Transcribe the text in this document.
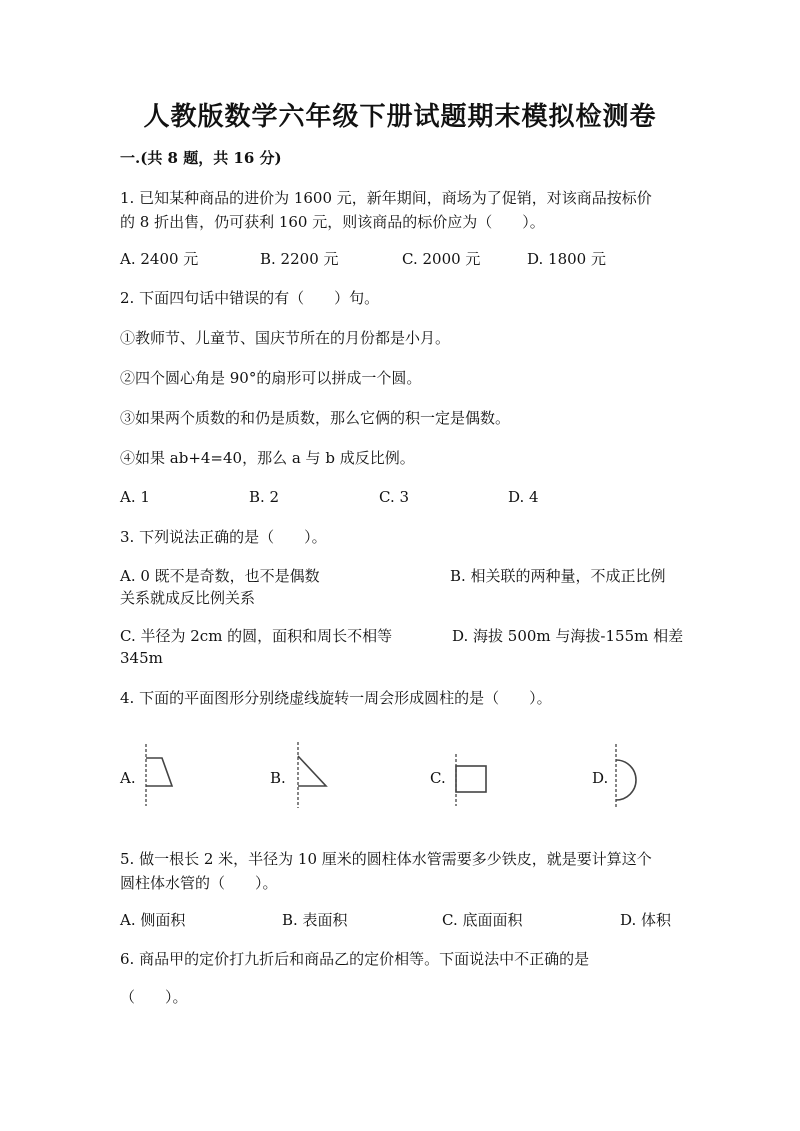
人教版数学六年级下册试题期末模拟检测卷
一.(共 8 题，共 16 分)
1. 已知某种商品的进价为 1600 元，新年期间，商场为了促销，对该商品按标价
的 8 折出售，仍可获利 160 元，则该商品的标价应为（　　）。
A. 2400 元	B. 2200 元	C. 2000 元	D. 1800 元
2. 下面四句话中错误的有（　　）句。
①教师节、儿童节、国庆节所在的月份都是小月。
②四个圆心角是 90°的扇形可以拼成一个圆。
③如果两个质数的和仍是质数，那么它俩的积一定是偶数。
④如果 ab+4=40，那么 a 与 b 成反比例。
A. 1	B. 2	C. 3	D. 4
3. 下列说法正确的是（　　）。
A. 0 既不是奇数，也不是偶数	B. 相关联的两种量，不成正比例
关系就成反比例关系
C. 半径为 2cm 的圆，面积和周长不相等	D. 海拔 500m 与海拔-155m 相差
345m
4. 下面的平面图形分别绕虚线旋转一周会形成圆柱的是（　　）。
A.	B.	C.	D.
5. 做一根长 2 米，半径为 10 厘米的圆柱体水管需要多少铁皮，就是要计算这个
圆柱体水管的（　　）。
A. 侧面积	B. 表面积	C. 底面面积	D. 体积
6. 商品甲的定价打九折后和商品乙的定价相等。下面说法中不正确的是
（　　）。
